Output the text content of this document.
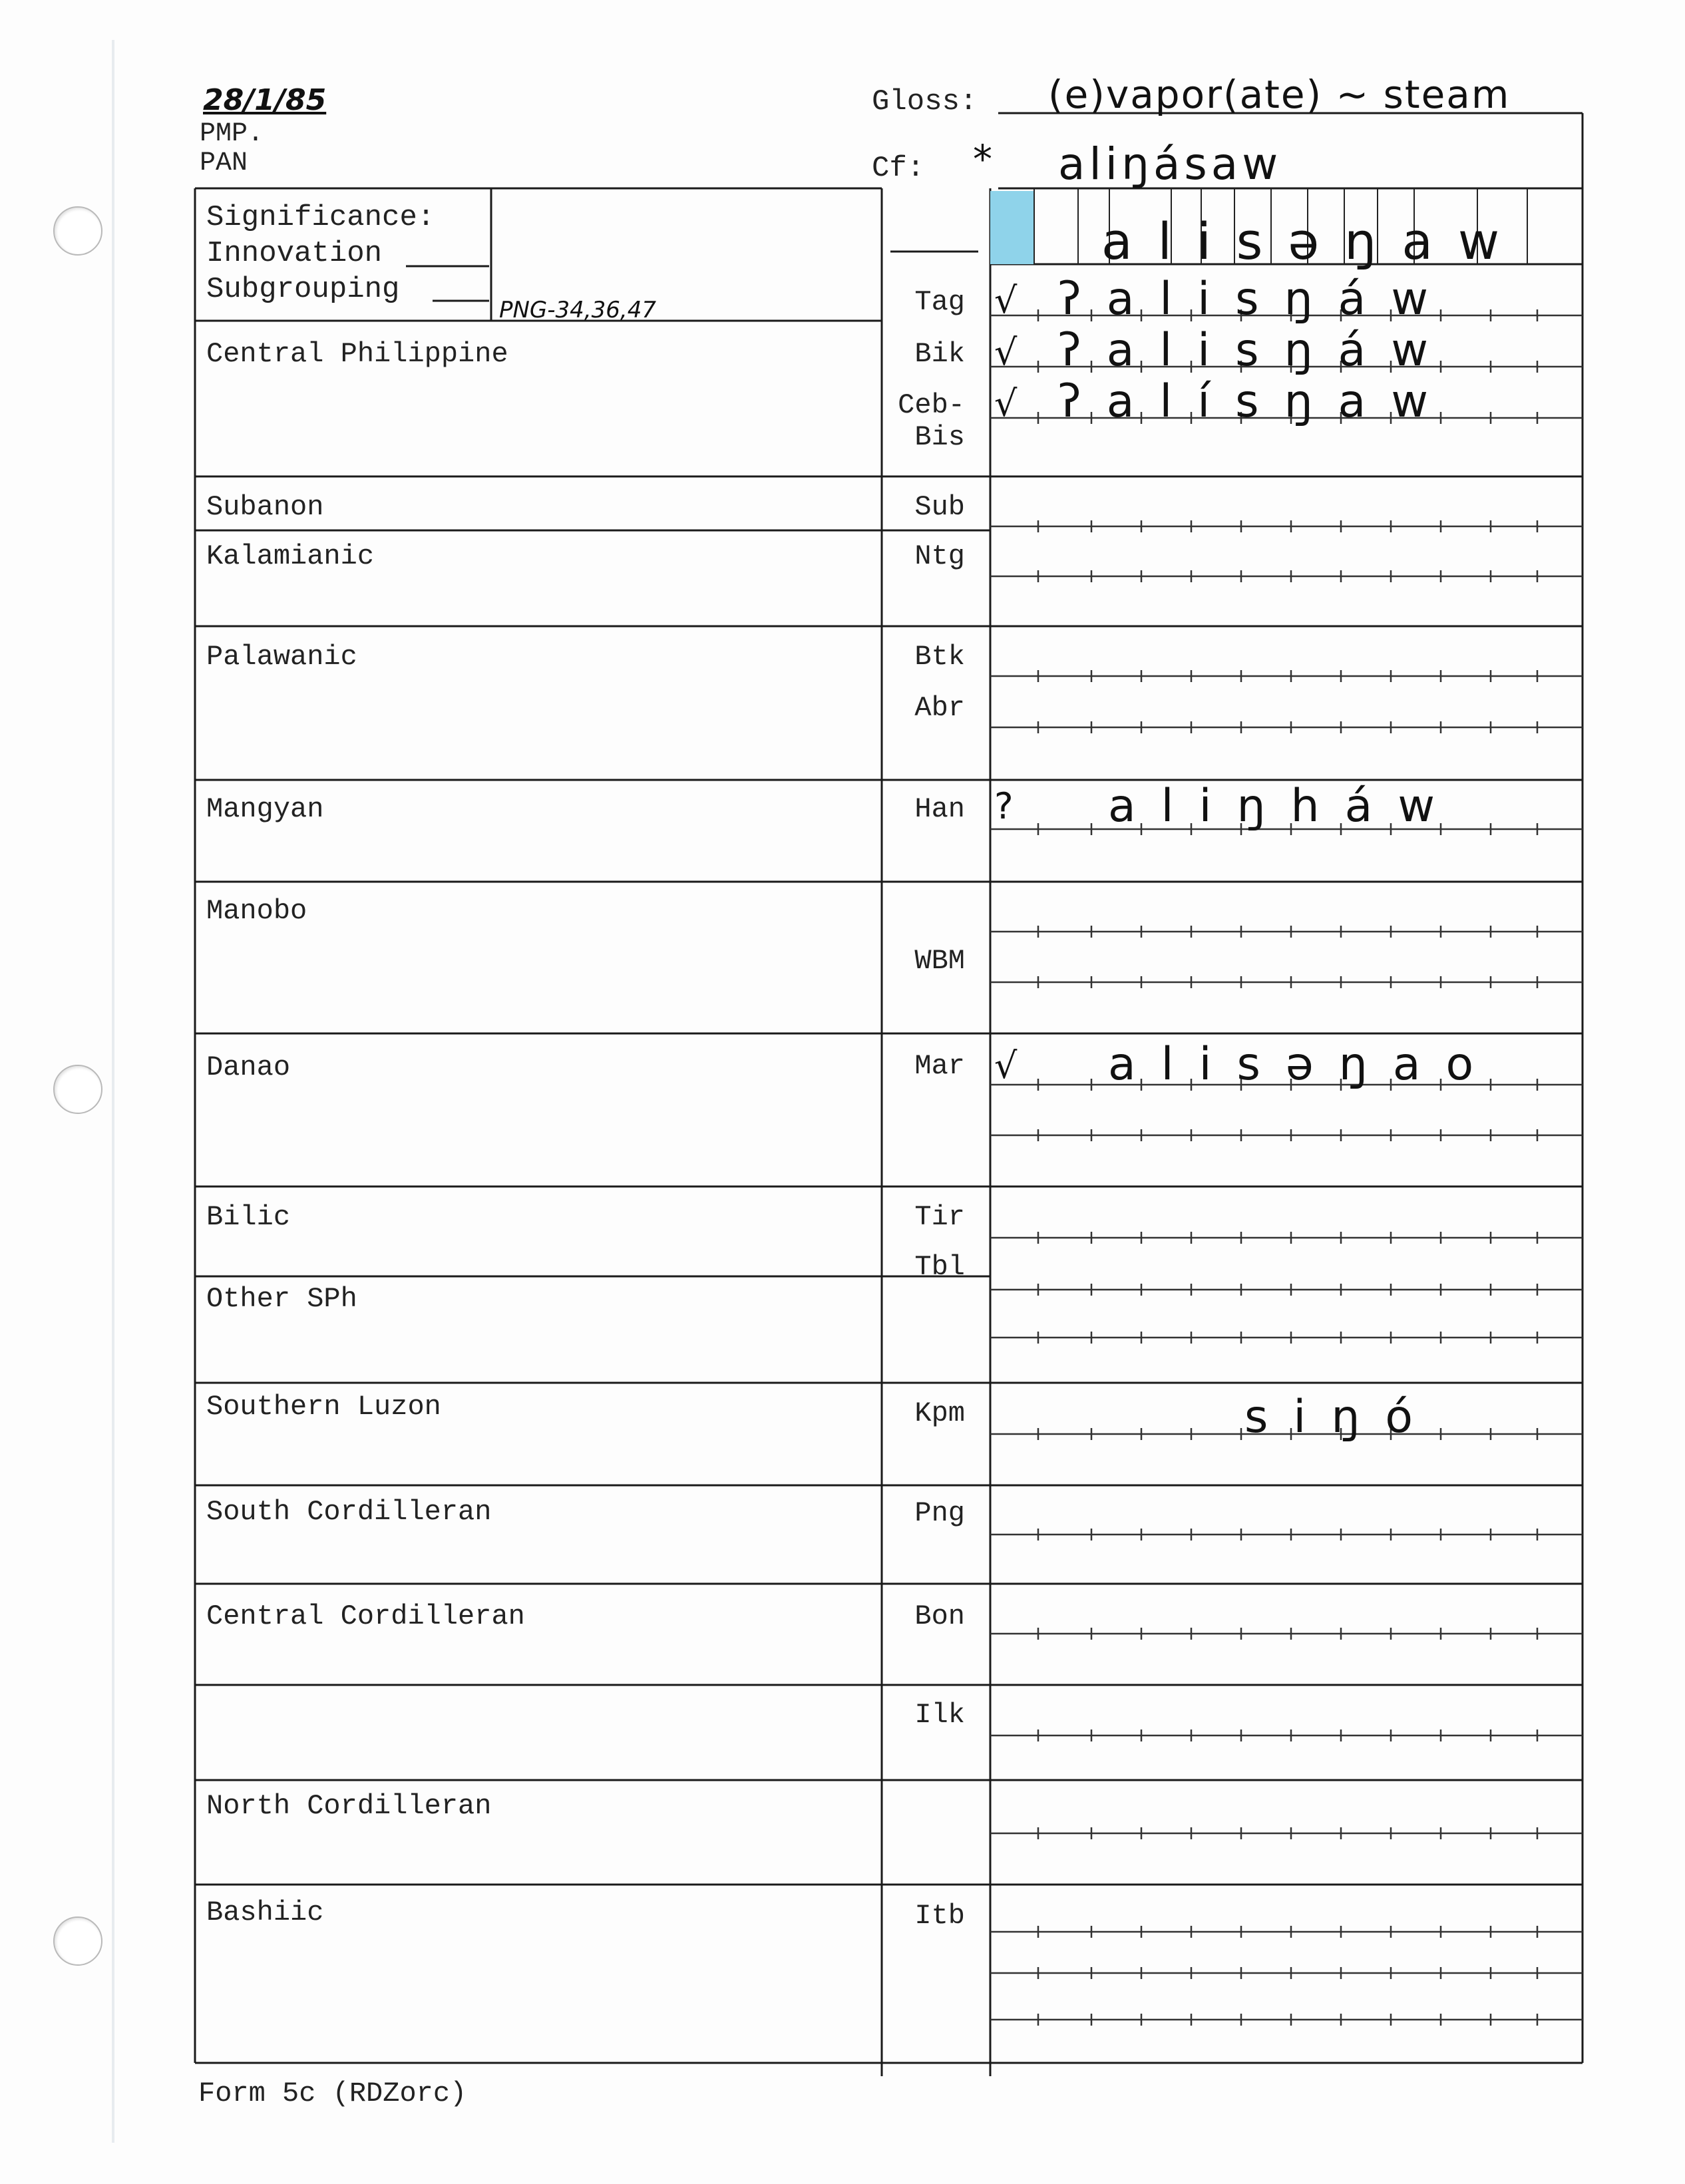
28/1/85
PMP.
PAN
Gloss: (e)vapor(ate) ~ steam
Cf: * aliŋásaw
Significance:
Innovation
Subgrouping
PNG-34,36,47
alisəŋaw
Central Philippine
Subanon
Kalamianic
Palawanic
Mangyan
Manobo
Danao
Bilic
Other SPh
Southern Luzon
South Cordilleran
Central Cordilleran
North Cordilleran
Bashiic
Tag
Bik
Ceb-Bis
Sub
Ntg
Btk
Abr
Han
WBM
Mar
Tir
Tbl
Kpm
Png
Bon
Ilk
Itb
√
√
√
?
√
ʔalisŋáw
ʔalisŋáw
ʔalísŋaw
aliŋháw
alisəŋao
siŋó
Form 5c (RDZorc)
